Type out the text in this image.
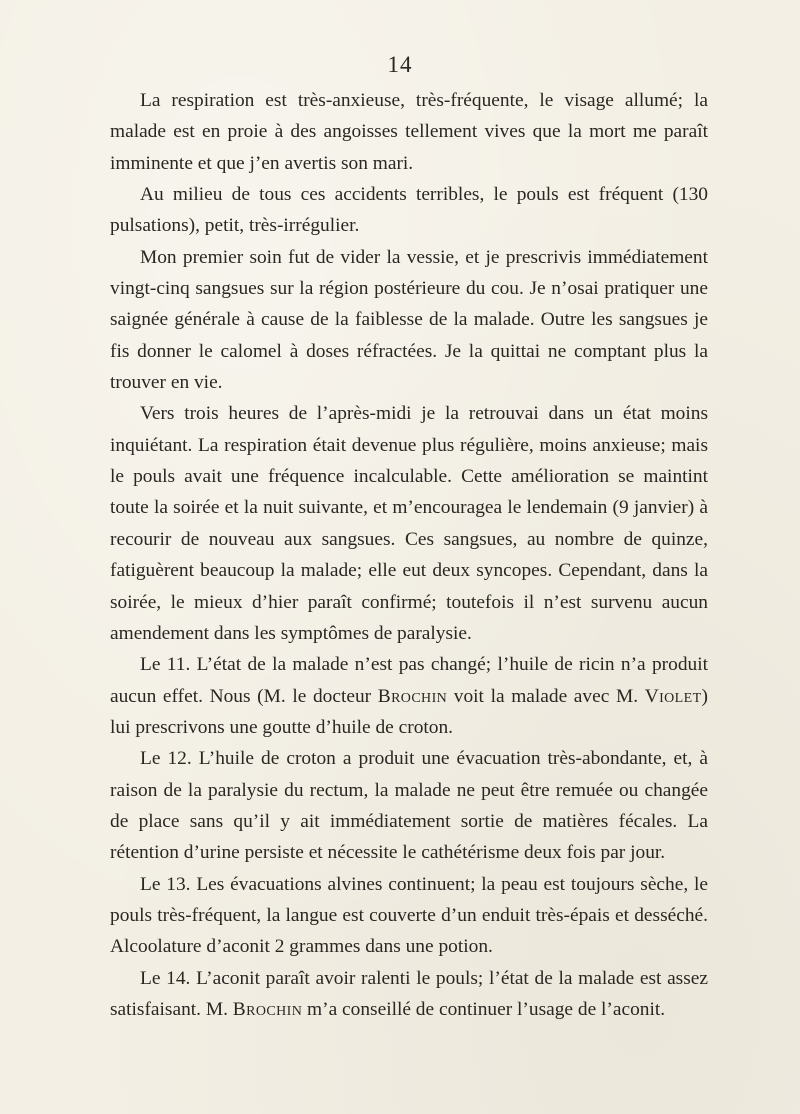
14

La respiration est très-anxieuse, très-fréquente, le visage allumé; la malade est en proie à des angoisses tellement vives que la mort me paraît imminente et que j’en avertis son mari.

Au milieu de tous ces accidents terribles, le pouls est fréquent (130 pulsations), petit, très-irrégulier.

Mon premier soin fut de vider la vessie, et je prescrivis immédiatement vingt-cinq sangsues sur la région postérieure du cou. Je n’osai pratiquer une saignée générale à cause de la faiblesse de la malade. Outre les sangsues je fis donner le calomel à doses réfractées. Je la quittai ne comptant plus la trouver en vie.

Vers trois heures de l’après-midi je la retrouvai dans un état moins inquiétant. La respiration était devenue plus régulière, moins anxieuse; mais le pouls avait une fréquence incalculable. Cette amélioration se maintint toute la soirée et la nuit suivante, et m’encouragea le lendemain (9 janvier) à recourir de nouveau aux sangsues. Ces sangsues, au nombre de quinze, fatiguèrent beaucoup la malade; elle eut deux syncopes. Cependant, dans la soirée, le mieux d’hier paraît confirmé; toutefois il n’est survenu aucun amendement dans les symptômes de paralysie.

Le 11. L’état de la malade n’est pas changé; l’huile de ricin n’a produit aucun effet. Nous (M. le docteur Brochin voit la malade avec M. Violet) lui prescrivons une goutte d’huile de croton.

Le 12. L’huile de croton a produit une évacuation très-abondante, et, à raison de la paralysie du rectum, la malade ne peut être remuée ou changée de place sans qu’il y ait immédiatement sortie de matières fécales. La rétention d’urine persiste et nécessite le cathétérisme deux fois par jour.

Le 13. Les évacuations alvines continuent; la peau est toujours sèche, le pouls très-fréquent, la langue est couverte d’un enduit très-épais et desséché. Alcoolature d’aconit 2 grammes dans une potion.

Le 14. L’aconit paraît avoir ralenti le pouls; l’état de la malade est assez satisfaisant. M. Brochin m’a conseillé de continuer l’usage de l’aconit.
